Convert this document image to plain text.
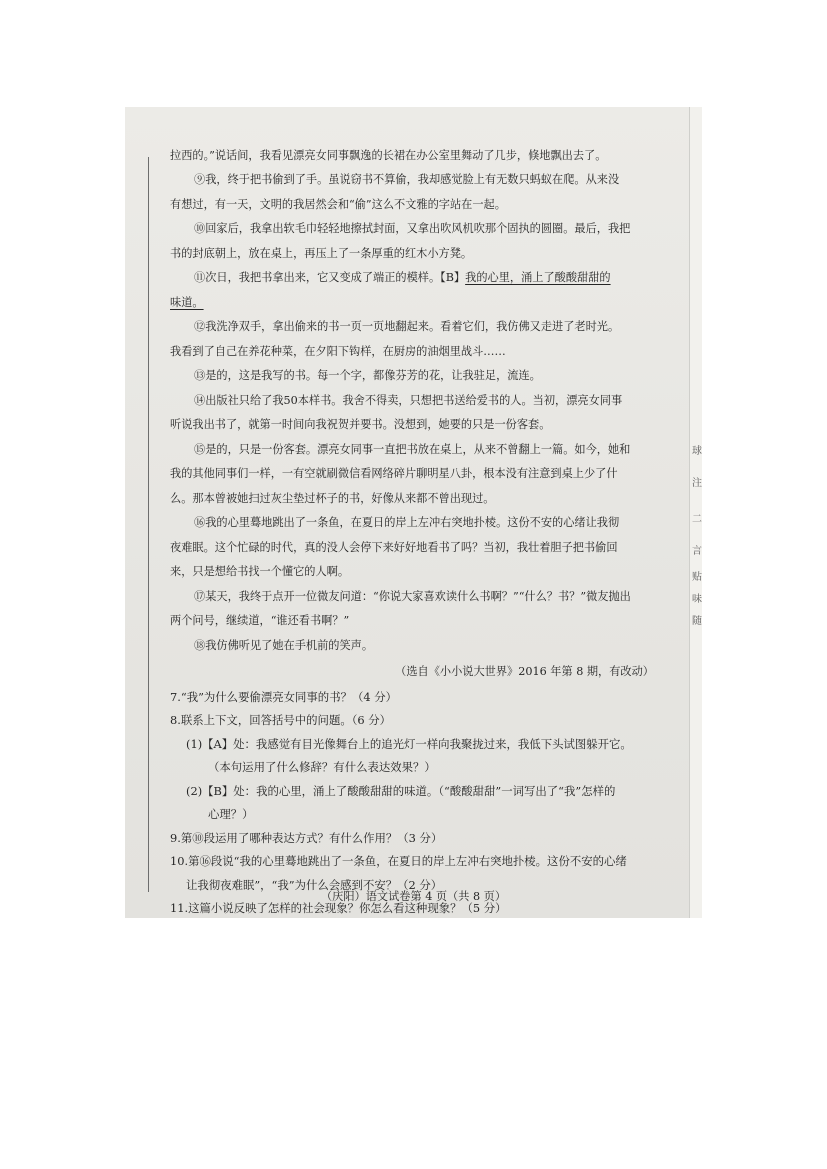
球
注
二
言
贴
味
随

拉西的。”说话间，我看见漂亮女同事飘逸的长裙在办公室里舞动了几步，倏地飘出去了。

⑨我，终于把书偷到了手。虽说窃书不算偷，我却感觉脸上有无数只蚂蚁在爬。从来没

有想过，有一天，文明的我居然会和“偷”这么不文雅的字站在一起。

⑩回家后，我拿出软毛巾轻轻地擦拭封面，又拿出吹风机吹那个固执的圆圈。最后，我把

书的封底朝上，放在桌上，再压上了一条厚重的红木小方凳。

⑪次日，我把书拿出来，它又变成了端正的模样。【B】 我的心里，涌上了酸酸甜甜的

味道。

⑫我洗净双手，拿出偷来的书一页一页地翻起来。看着它们，我仿佛又走进了老时光。

我看到了自己在养花种菜，在夕阳下钩样，在厨房的油烟里战斗……

⑬是的，这是我写的书。每一个字，都像芬芳的花，让我驻足，流连。

⑭出版社只给了我50本样书。我舍不得卖，只想把书送给爱书的人。当初，漂亮女同事

听说我出书了，就第一时间向我祝贺并要书。没想到，她要的只是一份客套。

⑮是的，只是一份客套。漂亮女同事一直把书放在桌上，从来不曾翻上一篇。如今，她和

我的其他同事们一样，一有空就刷微信看网络碎片聊明星八卦，根本没有注意到桌上少了什

么。那本曾被她扫过灰尘垫过杯子的书，好像从来都不曾出现过。

⑯我的心里蓦地跳出了一条鱼，在夏日的岸上左冲右突地扑棱。这份不安的心绪让我彻

夜难眠。这个忙碌的时代，真的没人会停下来好好地看书了吗？当初，我壮着胆子把书偷回

来，只是想给书找一个懂它的人啊。

⑰某天，我终于点开一位微友问道：“你说大家喜欢读什么书啊？”“什么？书？”微友抛出

两个问号，继续道，“谁还看书啊？”

⑱我仿佛听见了她在手机前的笑声。

（选自《小小说大世界》2016 年第 8 期，有改动）

7.“我”为什么要偷漂亮女同事的书？（4 分）

8.联系上下文，回答括号中的问题。（6 分）

(1)【A】处：我感觉有目光像舞台上的追光灯一样向我聚拢过来，我低下头试图躲开它。

（本句运用了什么修辞？有什么表达效果？）

(2)【B】处：我的心里，涌上了酸酸甜甜的味道。（“酸酸甜甜”一词写出了“我”怎样的

心理？）

9.第⑩段运用了哪种表达方式？有什么作用？（3 分）

10.第⑯段说“我的心里蓦地跳出了一条鱼，在夏日的岸上左冲右突地扑棱。这份不安的心绪

让我彻夜难眠”，“我”为什么会感到不安？（2 分）

11.这篇小说反映了怎样的社会现象？你怎么看这种现象？（5 分）

（庆阳）语文试卷第 4 页（共 8 页）
